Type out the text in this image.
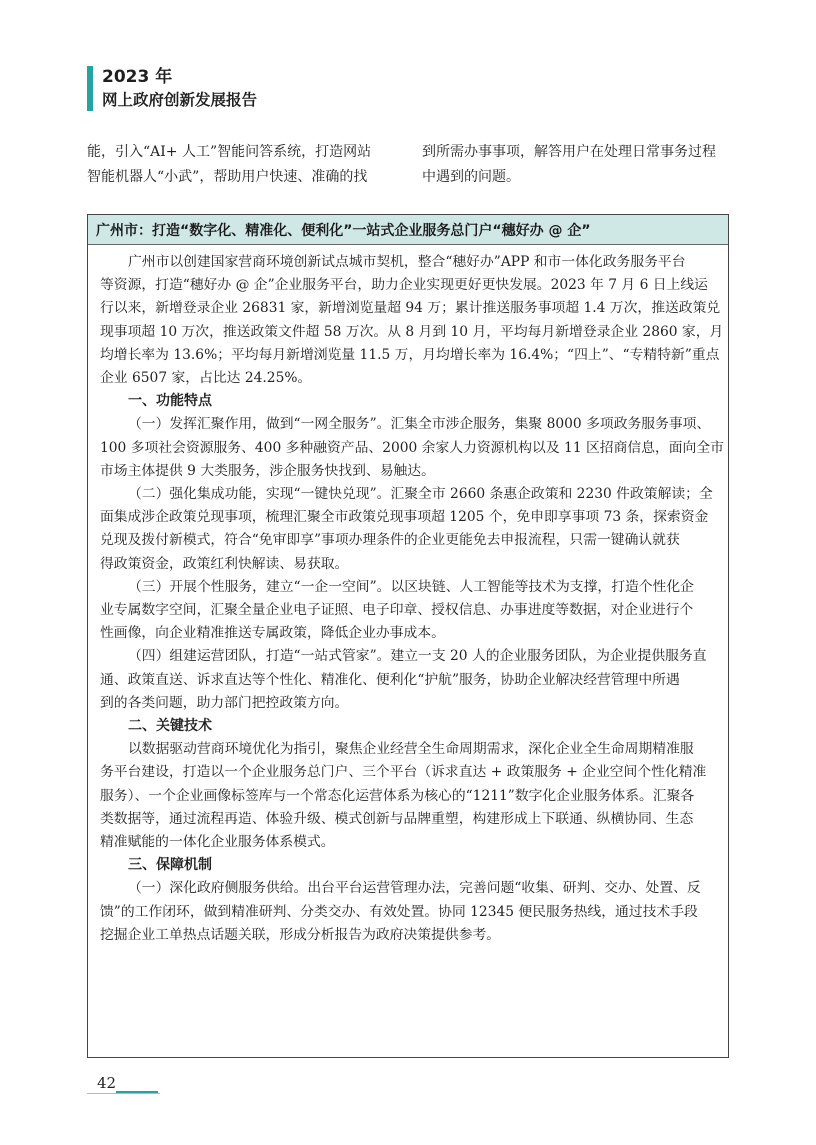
2023 年
网上政府创新发展报告
能，引入“AI+ 人工”智能问答系统，打造网站
智能机器人“小武”，帮助用户快速、准确的找
到所需办事事项，解答用户在处理日常事务过程
中遇到的问题。
广州市：打造“数字化、精准化、便利化”一站式企业服务总门户“穗好办 @ 企”

广州市以创建国家营商环境创新试点城市契机，整合“穗好办”APP 和市一体化政务服务平台
等资源，打造“穗好办 @ 企”企业服务平台，助力企业实现更好更快发展。2023 年 7 月 6 日上线运
行以来，新增登录企业 26831 家，新增浏览量超 94 万；累计推送服务事项超 1.4 万次，推送政策兑
现事项超 10 万次，推送政策文件超 58 万次。从 8 月到 10 月，平均每月新增登录企业 2860 家，月
均增长率为 13.6%；平均每月新增浏览量 11.5 万，月均增长率为 16.4%；“四上”、“专精特新”重点
企业 6507 家，占比达 24.25%。

一、功能特点

（一）发挥汇聚作用，做到“一网全服务”。汇集全市涉企服务，集聚 8000 多项政务服务事项、
100 多项社会资源服务、400 多种融资产品、2000 余家人力资源机构以及 11 区招商信息，面向全市
市场主体提供 9 大类服务，涉企服务快找到、易触达。

（二）强化集成功能，实现“一键快兑现”。汇聚全市 2660 条惠企政策和 2230 件政策解读；全
面集成涉企政策兑现事项，梳理汇聚全市政策兑现事项超 1205 个，免申即享事项 73 条，探索资金
兑现及拨付新模式，符合“免审即享”事项办理条件的企业更能免去申报流程，只需一键确认就获
得政策资金，政策红利快解读、易获取。

（三）开展个性服务，建立“一企一空间”。以区块链、人工智能等技术为支撑，打造个性化企
业专属数字空间，汇聚全量企业电子证照、电子印章、授权信息、办事进度等数据，对企业进行个
性画像，向企业精准推送专属政策，降低企业办事成本。

（四）组建运营团队，打造“一站式管家”。建立一支 20 人的企业服务团队，为企业提供服务直
通、政策直送、诉求直达等个性化、精准化、便利化“护航”服务，协助企业解决经营管理中所遇
到的各类问题，助力部门把控政策方向。

二、关键技术

以数据驱动营商环境优化为指引，聚焦企业经营全生命周期需求，深化企业全生命周期精准服
务平台建设，打造以一个企业服务总门户、三个平台（诉求直达 + 政策服务 + 企业空间个性化精准
服务）、一个企业画像标签库与一个常态化运营体系为核心的“1211”数字化企业服务体系。汇聚各
类数据等，通过流程再造、体验升级、模式创新与品牌重塑，构建形成上下联通、纵横协同、生态
精准赋能的一体化企业服务体系模式。

三、保障机制

（一）深化政府侧服务供给。出台平台运营管理办法，完善问题“收集、研判、交办、处置、反
馈”的工作闭环，做到精准研判、分类交办、有效处置。协同 12345 便民服务热线，通过技术手段
挖掘企业工单热点话题关联，形成分析报告为政府决策提供参考。

42
